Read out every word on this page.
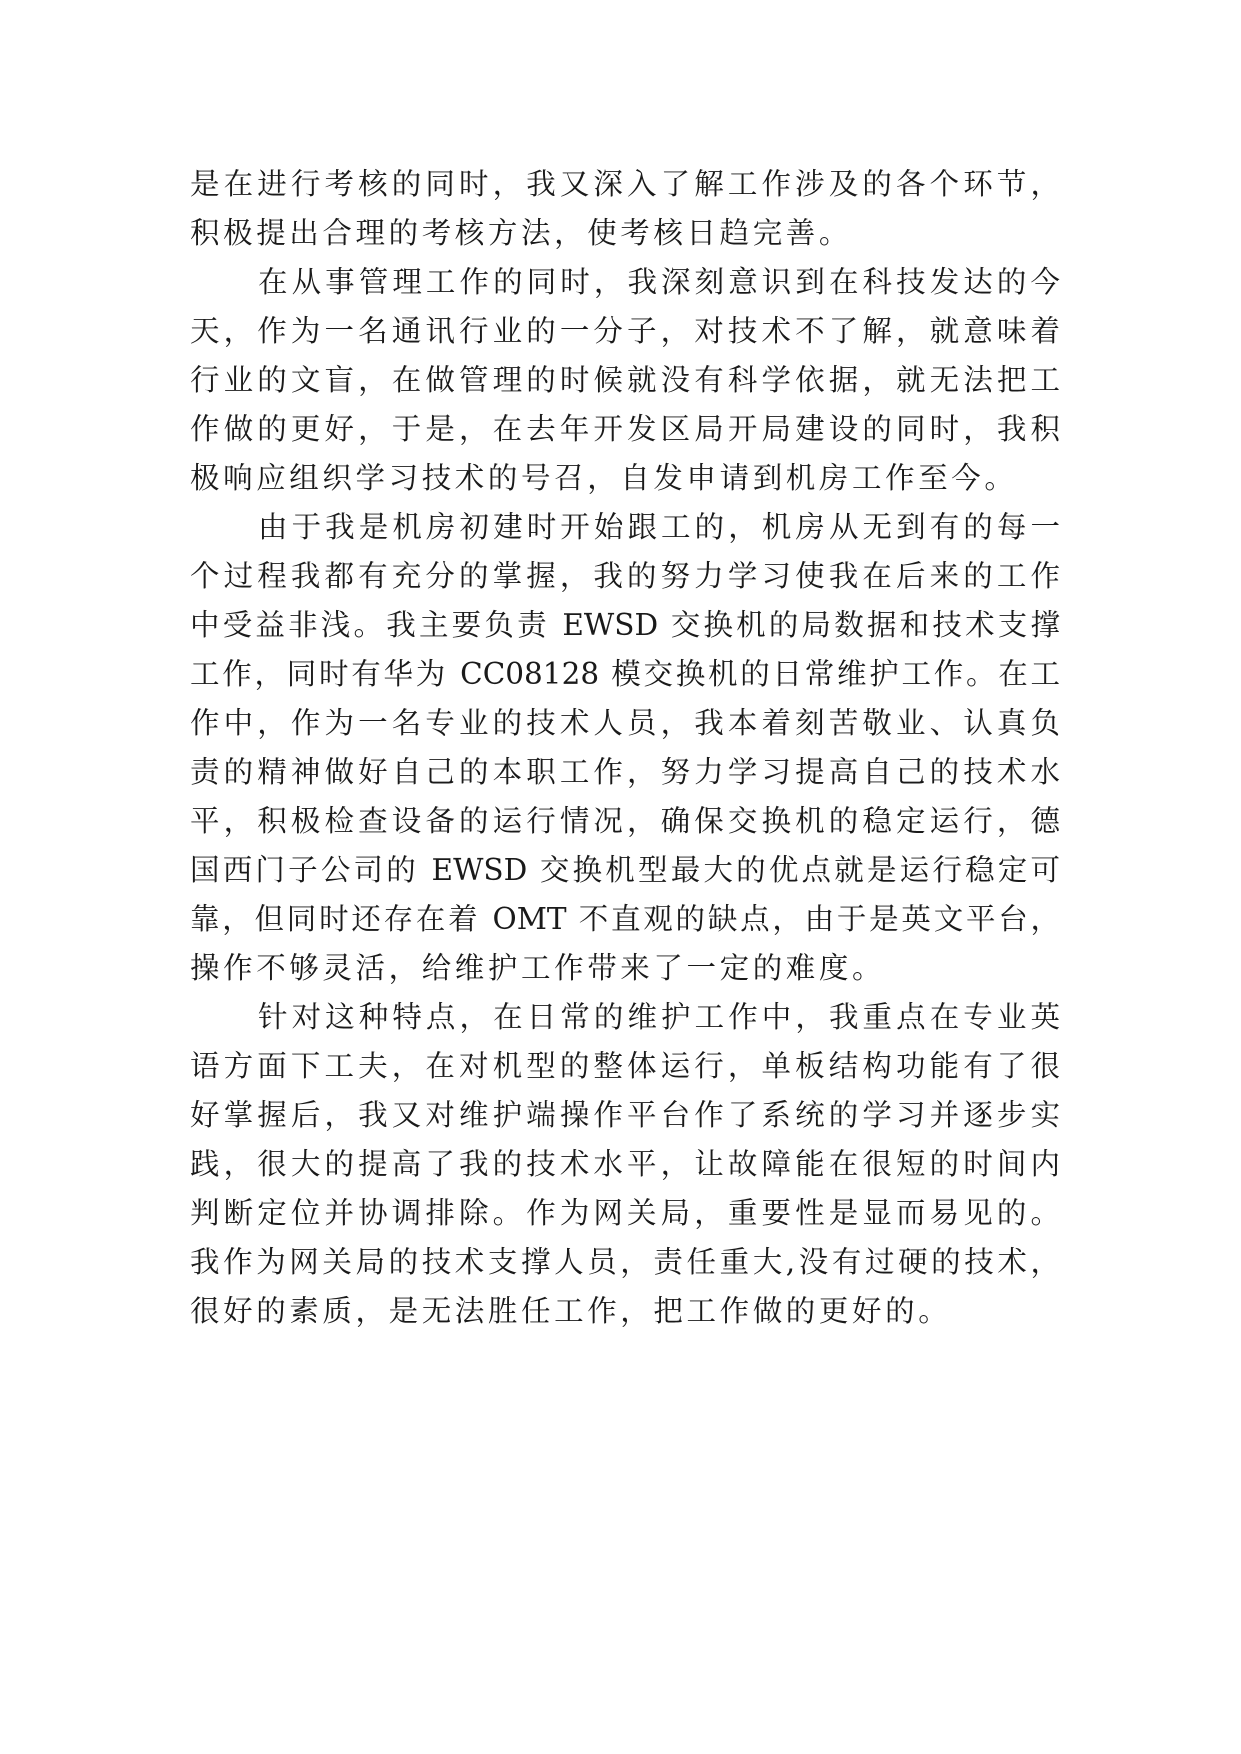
是在进行考核的同时，我又深入了解工作涉及的各个环节，
积极提出合理的考核方法，使考核日趋完善。
在从事管理工作的同时，我深刻意识到在科技发达的今
天，作为一名通讯行业的一分子，对技术不了解，就意味着
行业的文盲，在做管理的时候就没有科学依据，就无法把工
作做的更好，于是，在去年开发区局开局建设的同时，我积
极响应组织学习技术的号召，自发申请到机房工作至今。
由于我是机房初建时开始跟工的，机房从无到有的每一
个过程我都有充分的掌握，我的努力学习使我在后来的工作
中受益非浅。我主要负责 EWSD 交换机的局数据和技术支撑
工作，同时有华为 CC08128 模交换机的日常维护工作。在工
作中，作为一名专业的技术人员，我本着刻苦敬业、认真负
责的精神做好自己的本职工作，努力学习提高自己的技术水
平，积极检查设备的运行情况，确保交换机的稳定运行，德
国西门子公司的 EWSD 交换机型最大的优点就是运行稳定可
靠，但同时还存在着 OMT 不直观的缺点，由于是英文平台，
操作不够灵活，给维护工作带来了一定的难度。
针对这种特点，在日常的维护工作中，我重点在专业英
语方面下工夫，在对机型的整体运行，单板结构功能有了很
好掌握后，我又对维护端操作平台作了系统的学习并逐步实
践，很大的提高了我的技术水平，让故障能在很短的时间内
判断定位并协调排除。作为网关局，重要性是显而易见的。
我作为网关局的技术支撑人员，责任重大,没有过硬的技术，
很好的素质，是无法胜任工作，把工作做的更好的。
